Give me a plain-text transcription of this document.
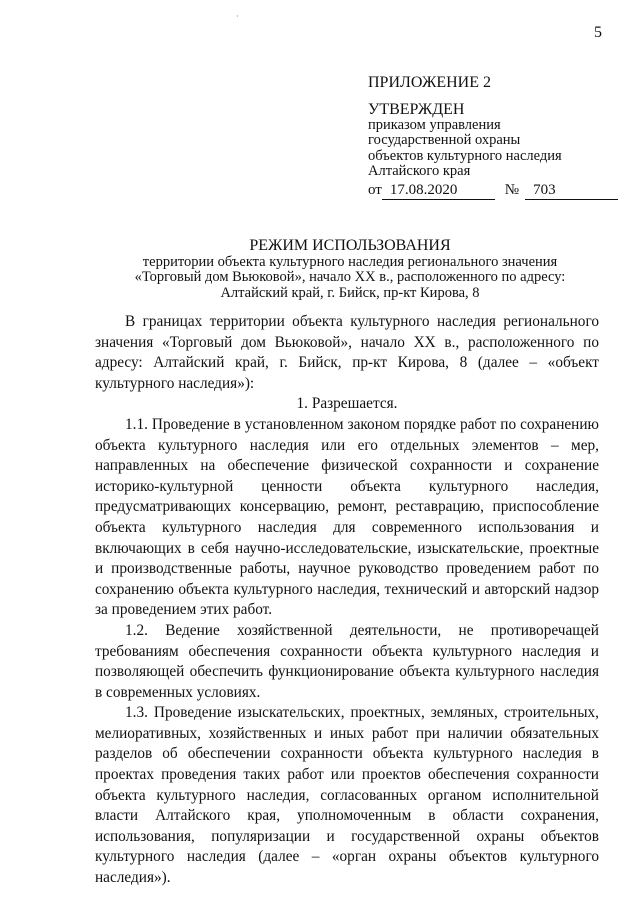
·
5
ПРИЛОЖЕНИЕ 2
УТВЕРЖДЕН
приказом управления
государственной охраны
объектов культурного наследия
Алтайского края
от 17.08.2020	№ 703
РЕЖИМ ИСПОЛЬЗОВАНИЯ
территории объекта культурного наследия регионального значения
«Торговый дом Вьюковой», начало XX в., расположенного по адресу:
Алтайский край, г. Бийск, пр-кт Кирова, 8

В границах территории объекта культурного наследия регионального значения «Торговый дом Вьюковой», начало XX в., расположенного по адресу: Алтайский край, г. Бийск, пр-кт Кирова, 8 (далее – «объект культурного наследия»):

1. Разрешается.

1.1. Проведение в установленном законом порядке работ по сохранению объекта культурного наследия или его отдельных элементов – мер, направленных на обеспечение физической сохранности и сохранение историко-культурной ценности объекта культурного наследия, предусматривающих консервацию, ремонт, реставрацию, приспособление объекта культурного наследия для современного использования и включающих в себя научно-исследовательские, изыскательские, проектные и производственные работы, научное руководство проведением работ по сохранению объекта культурного наследия, технический и авторский надзор за проведением этих работ.

1.2. Ведение хозяйственной деятельности, не противоречащей требованиям обеспечения сохранности объекта культурного наследия и позволяющей обеспечить функционирование объекта культурного наследия в современных условиях.

1.3. Проведение изыскательских, проектных, земляных, строительных, мелиоративных, хозяйственных и иных работ при наличии обязательных разделов об обеспечении сохранности объекта культурного наследия в проектах проведения таких работ или проектов обеспечения сохранности объекта культурного наследия, согласованных органом исполнительной власти Алтайского края, уполномоченным в области сохранения, использования, популяризации и государственной охраны объектов культурного наследия (далее – «орган охраны объектов культурного наследия»).
